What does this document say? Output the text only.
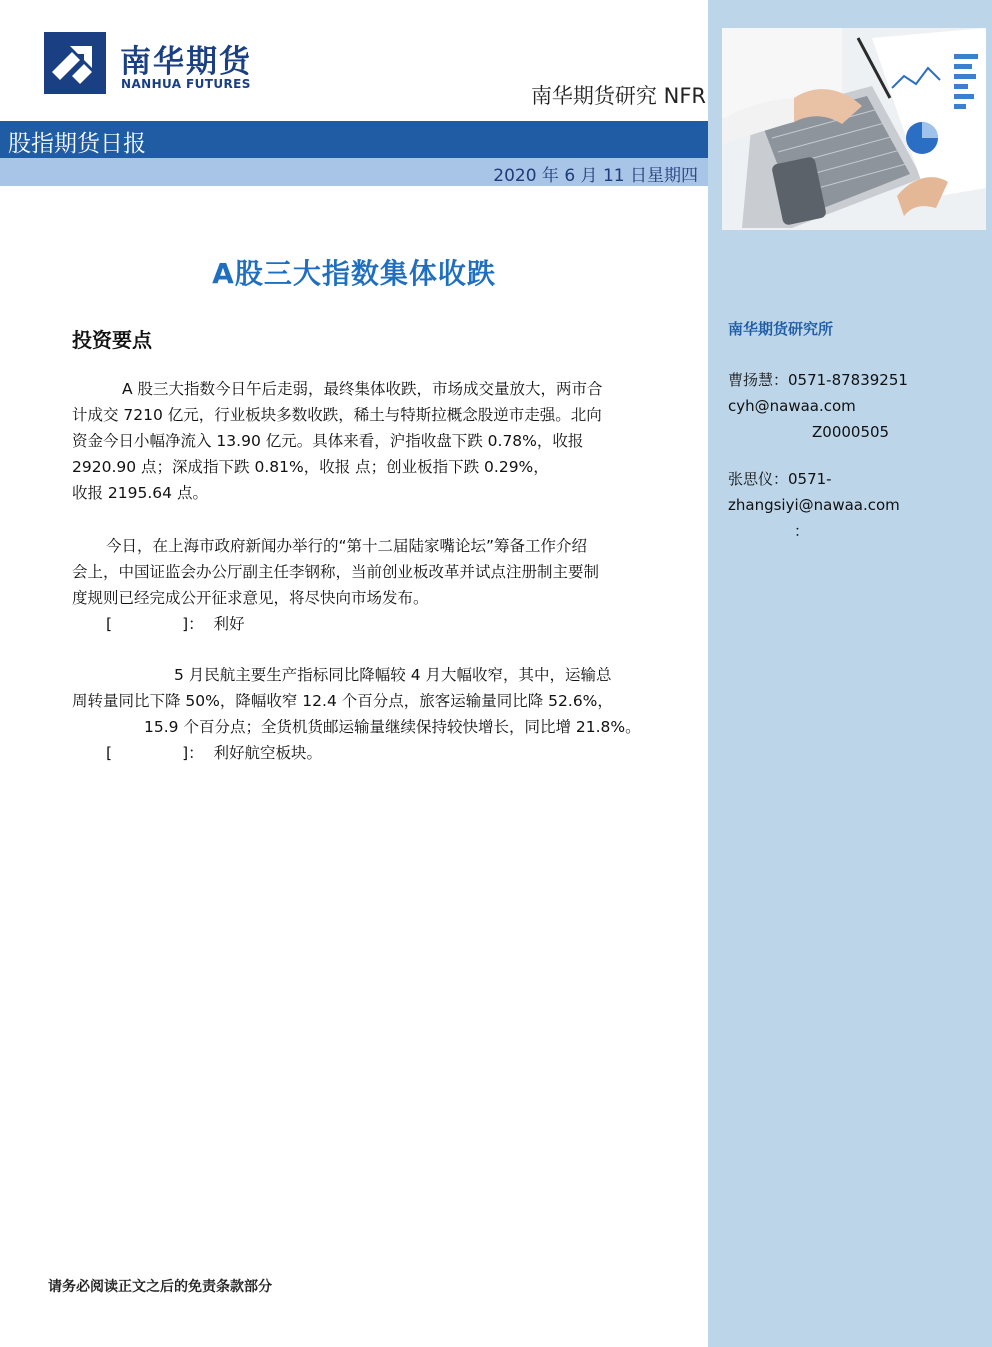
南华期货
NANHUA FUTURES	南华期货研究 NFR
股指期货日报
2020 年 6 月 11 日星期四
A股三大指数集体收跌
投资要点
A 股三大指数今日午后走弱，最终集体收跌，市场成交量放大，两市合
计成交 7210 亿元，行业板块多数收跌，稀土与特斯拉概念股逆市走强。北向
资金今日小幅净流入 13.90 亿元。具体来看，沪指收盘下跌 0.78%，收报
2920.90 点；深成指下跌 0.81%，收报 点；创业板指下跌 0.29%，
收报 2195.64 点。
今日，在上海市政府新闻办举行的“第十二届陆家嘴论坛”筹备工作介绍
会上，中国证监会办公厅副主任李钢称，当前创业板改革并试点注册制主要制
度规则已经完成公开征求意见，将尽快向市场发布。
[	]： 利好
5 月民航主要生产指标同比降幅较 4 月大幅收窄，其中，运输总
周转量同比下降 50%，降幅收窄 12.4 个百分点，旅客运输量同比降 52.6%，
15.9 个百分点；全货机货邮运输量继续保持较快增长，同比增 21.8%。
[	]： 利好航空板块。
南华期货研究所
曹扬慧：0571-87839251
cyh@nawaa.com
Z0000505
张思仪：0571-
zhangsiyi@nawaa.com
：
请务必阅读正文之后的免责条款部分
